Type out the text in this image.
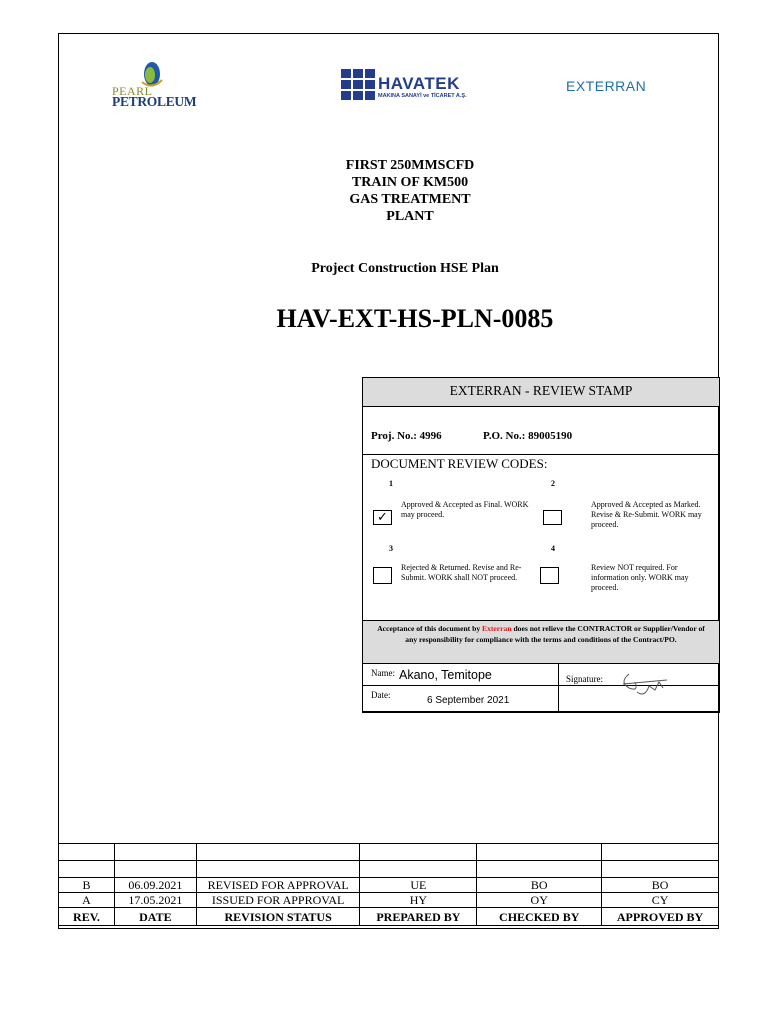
PEARL
PETROLEUM
HAVATEK
MAKINA SANAYİ ve TİCARET A.Ş.
EXTERRAN
FIRST 250MMSCFD
TRAIN OF KM500
GAS TREATMENT
PLANT
Project Construction HSE Plan
HAV-EXT-HS-PLN-0085
EXTERRAN - REVIEW STAMP
Proj. No.: 4996	P.O. No.: 89005190
DOCUMENT REVIEW CODES:
1
✓
Approved & Accepted as Final. WORK may proceed.
2
Approved & Accepted as Marked. Revise & Re-Submit. WORK may proceed.
3
Rejected & Returned. Revise and Re-Submit. WORK shall NOT proceed.
4
Review NOT required. For information only. WORK may proceed.
Acceptance of this document by Exterran does not relieve the CONTRACTOR or Supplier/Vendor of any responsibility for compliance with the terms and conditions of the Contract/PO.
Name: Akano, Temitope
Date:	6 September 2021
Signature:

B	06.09.2021	REVISED FOR APPROVAL	UE	BO	BO
A	17.05.2021	ISSUED FOR APPROVAL	HY	OY	CY
REV.	DATE	REVISION STATUS	PREPARED BY	CHECKED BY	APPROVED BY
